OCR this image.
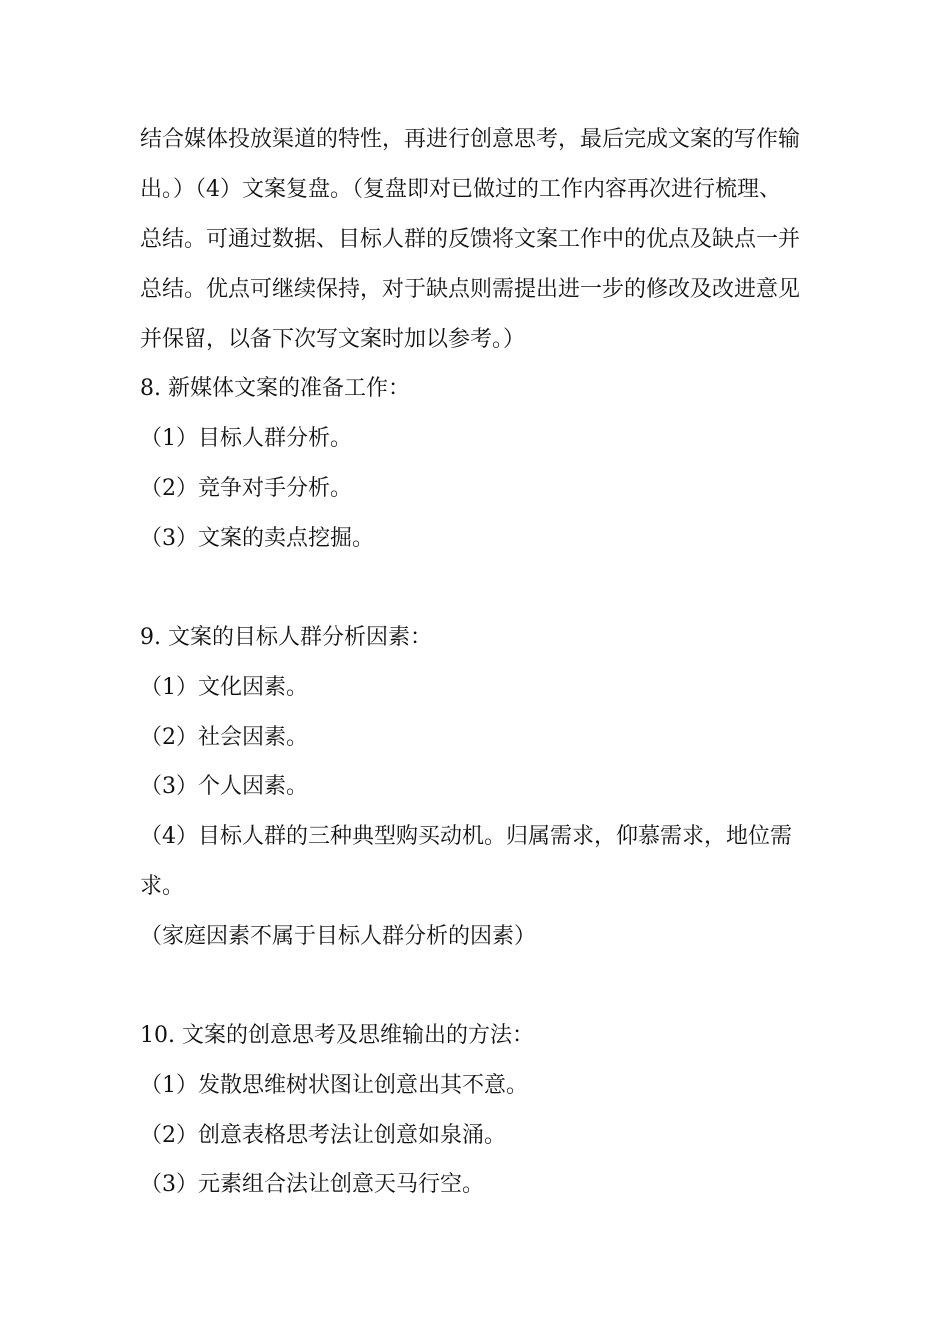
结合媒体投放渠道的特性，再进行创意思考，最后完成文案的写作输
出。）（4）文案复盘。（复盘即对已做过的工作内容再次进行梳理、
总结。可通过数据、目标人群的反馈将文案工作中的优点及缺点一并
总结。优点可继续保持，对于缺点则需提出进一步的修改及改进意见
并保留，以备下次写文案时加以参考。）
8. 新媒体文案的准备工作：
（1）目标人群分析。
（2）竞争对手分析。
（3）文案的卖点挖掘。
9. 文案的目标人群分析因素：
（1）文化因素。
（2）社会因素。
（3）个人因素。
（4）目标人群的三种典型购买动机。归属需求，仰慕需求，地位需
求。
（家庭因素不属于目标人群分析的因素）
10. 文案的创意思考及思维输出的方法：
（1）发散思维树状图让创意出其不意。
（2）创意表格思考法让创意如泉涌。
（3）元素组合法让创意天马行空。
